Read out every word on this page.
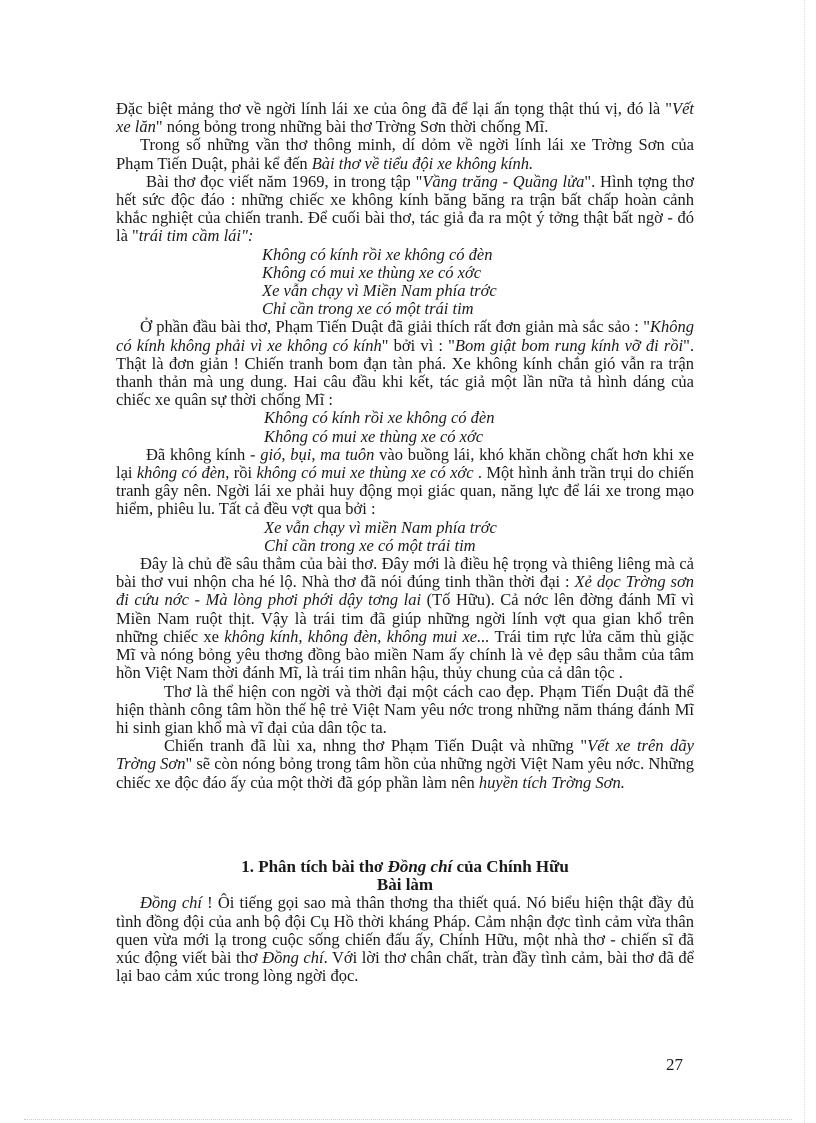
Đặc biệt mảng thơ về ngời lính lái xe của ông đã để lại ấn tọng thật thú vị, đó là "Vết xe lăn" nóng bỏng trong những bài thơ Trờng Sơn thời chống Mĩ.

Trong số những vần thơ thông minh, dí dỏm về ngời lính lái xe Trờng Sơn của Phạm Tiến Duật, phải kể đến Bài thơ về tiểu đội xe không kính.

Bài thơ đọc viết năm 1969, in trong tập "Vầng trăng - Quầng lửa". Hình tợng thơ hết sức độc đáo : những chiếc xe không kính băng băng ra trận bất chấp hoàn cảnh khắc nghiệt của chiến tranh. Để cuối bài thơ, tác giả đa ra một ý tởng thật bất ngờ - đó là "trái tim cầm lái":

Không có kính rồi xe không có đèn

Không có mui xe thùng xe có xớc

Xe vẫn chạy vì Miền Nam phía trớc

Chỉ cần trong xe có một trái tim

Ở phần đầu bài thơ, Phạm Tiến Duật đã giải thích rất đơn giản mà sắc sảo : "Không có kính không phải vì xe không có kính" bởi vì : "Bom giật bom rung kính vỡ đi rồi". Thật là đơn giản ! Chiến tranh bom đạn tàn phá. Xe không kính chắn gió vẫn ra trận thanh thản mà ung dung. Hai câu đầu khi kết, tác giả một lần nữa tả hình dáng của chiếc xe quân sự thời chống Mĩ :

Không có kính rồi xe không có đèn

Không có mui xe thùng xe có xớc

Đã không kính - gió, bụi, ma tuôn vào buồng lái, khó khăn chồng chất hơn khi xe lại không có đèn, rồi không có mui xe thùng xe có xớc . Một hình ảnh trần trụi do chiến tranh gây nên. Ngời lái xe phải huy động mọi giác quan, năng lực để lái xe trong mạo hiểm, phiêu lu. Tất cả đều vợt qua bởi :

Xe vẫn chạy vì miền Nam phía trớc

Chỉ cần trong xe có một trái tim

Đây là chủ đề sâu thẳm của bài thơ. Đây mới là điều hệ trọng và thiêng liêng mà cả bài thơ vui nhộn cha hé lộ. Nhà thơ đã nói đúng tinh thần thời đại : Xẻ dọc Trờng sơn đi cứu nớc - Mà lòng phơi phới dậy tơng lai (Tố Hữu). Cả nớc lên đờng đánh Mĩ vì Miền Nam ruột thịt. Vậy là trái tim đã giúp những ngời lính vợt qua gian khổ trên những chiếc xe không kính, không đèn, không mui xe... Trái tim rực lửa căm thù giặc Mĩ và nóng bỏng yêu thơng đồng bào miền Nam ấy chính là vẻ đẹp sâu thẳm của tâm hồn Việt Nam thời đánh Mĩ, là trái tim nhân hậu, thủy chung của cả dân tộc .

Thơ là thể hiện con ngời và thời đại một cách cao đẹp. Phạm Tiến Duật đã thể hiện thành công tâm hồn thế hệ trẻ Việt Nam yêu nớc trong những năm tháng đánh Mĩ hi sinh gian khổ mà vĩ đại của dân tộc ta.

Chiến tranh đã lùi xa, nhng thơ Phạm Tiến Duật và những "Vết xe trên dãy Trờng Sơn" sẽ còn nóng bỏng trong tâm hồn của những ngời Việt Nam yêu nớc. Những chiếc xe độc đáo ấy của một thời đã góp phần làm nên huyền tích Trờng Sơn.

1. Phân tích bài thơ Đồng chí của Chính Hữu
Bài làm

Đồng chí ! Ôi tiếng gọi sao mà thân thơng tha thiết quá. Nó biểu hiện thật đầy đủ tình đồng đội của anh bộ đội Cụ Hồ thời kháng Pháp. Cảm nhận đợc tình cảm vừa thân quen vừa mới lạ trong cuộc sống chiến đấu ấy, Chính Hữu, một nhà thơ - chiến sĩ đã xúc động viết bài thơ Đồng chí. Với lời thơ chân chất, tràn đầy tình cảm, bài thơ đã để lại bao cảm xúc trong lòng ngời đọc.

27
